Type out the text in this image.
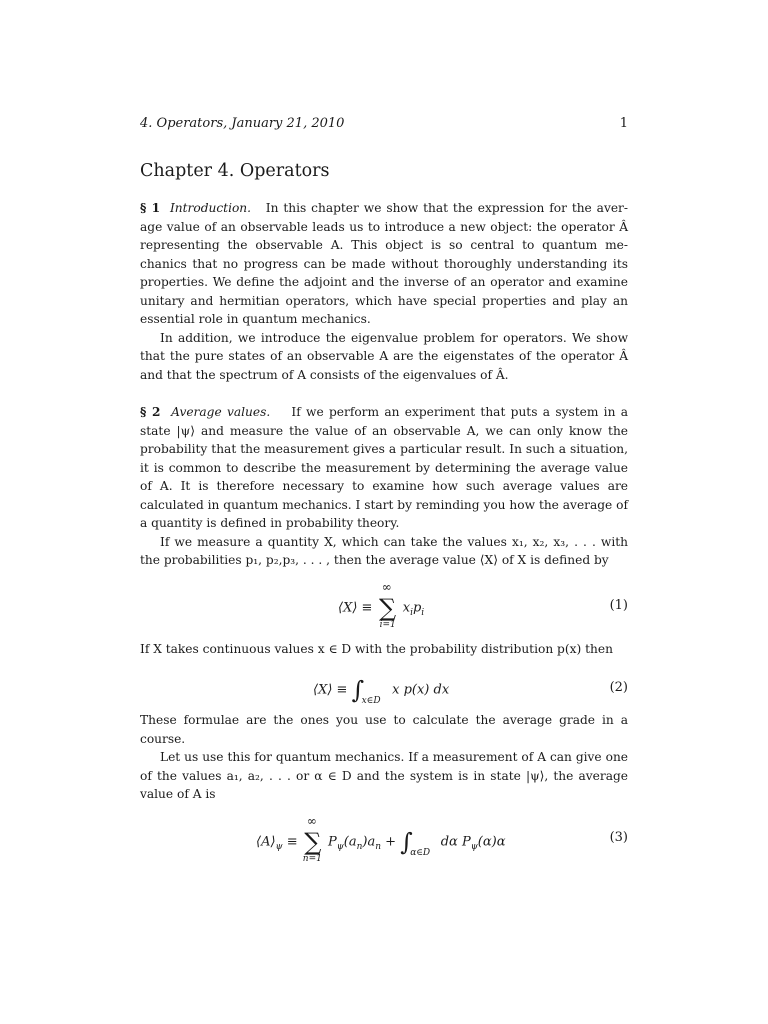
4. Operators, January 21, 2010	1
Chapter 4. Operators

§ 1 Introduction. In this chapter we show that the expression for the aver- age value of an observable leads us to introduce a new object: the operator Â representing the observable A. This object is so central to quantum me- chanics that no progress can be made without thoroughly understanding its properties. We define the adjoint and the inverse of an operator and examine unitary and hermitian operators, which have special properties and play an essential role in quantum mechanics.

In addition, we introduce the eigenvalue problem for operators. We show that the pure states of an observable A are the eigenstates of the operator Â and that the spectrum of A consists of the eigenvalues of Â.

§ 2 Average values. If we perform an experiment that puts a system in a state |ψ⟩ and measure the value of an observable A, we can only know the probability that the measurement gives a particular result. In such a situation, it is common to describe the measurement by determining the average value of A. It is therefore necessary to examine how such average values are calculated in quantum mechanics. I start by reminding you how the average of a quantity is defined in probability theory.

If we measure a quantity X, which can take the values x₁, x₂, x₃, . . . with the probabilities p₁, p₂,p₃, . . . , then the average value ⟨X⟩ of X is defined by

⟨X⟩ ≡
∞
∑
i=1
$x_ip_i$	(1)

If X takes continuous values x ∈ D with the probability distribution p(x) then

⟨X⟩ ≡ ∫
x∈D
x p(x) dx	(2)

These formulae are the ones you use to calculate the average grade in a course.

Let us use this for quantum mechanics. If a measurement of A can give one of the values a₁, a₂, . . . or α ∈ D and the system is in state |ψ⟩, the average value of A is

$⟨A⟩_\psi$ ≡
∞
∑
n=1
$P_\psi(a_n)a_n$ + ∫
α∈D
dα $P_\psi(\alpha)\alpha$	(3)
